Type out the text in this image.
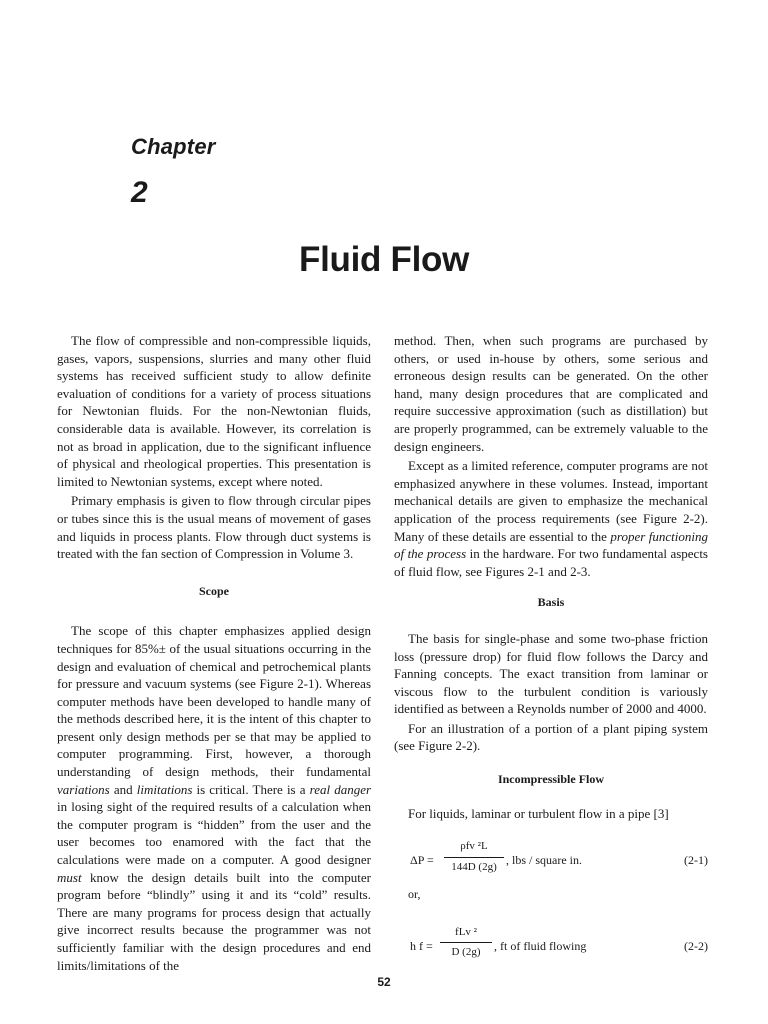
Chapter
2
Fluid Flow

The flow of compressible and non-compressible liquids, gases, vapors, suspensions, slurries and many other fluid systems has received sufficient study to allow definite evaluation of conditions for a variety of process situations for Newtonian fluids. For the non-Newtonian fluids, considerable data is available. However, its correlation is not as broad in application, due to the significant influence of physical and rheological properties. This presentation is limited to Newtonian systems, except where noted.

Primary emphasis is given to flow through circular pipes or tubes since this is the usual means of movement of gases and liquids in process plants. Flow through duct systems is treated with the fan section of Compression in Volume 3.

Scope

The scope of this chapter emphasizes applied design techniques for 85%± of the usual situations occurring in the design and evaluation of chemical and petrochemical plants for pressure and vacuum systems (see Figure 2-1). Whereas computer methods have been developed to handle many of the methods described here, it is the intent of this chapter to present only design methods per se that may be applied to computer programming. First, however, a thorough understanding of design methods, their fundamental variations and limitations is critical. There is a real danger in losing sight of the required results of a calculation when the computer program is “hidden” from the user and the user becomes too enamored with the fact that the calculations were made on a computer. A good designer must know the design details built into the computer program before “blindly” using it and its “cold” results. There are many programs for process design that actually give incorrect results because the programmer was not sufficiently familiar with the design procedures and end limits/limitations of the

method. Then, when such programs are purchased by others, or used in-house by others, some serious and erroneous design results can be generated. On the other hand, many design procedures that are complicated and require successive approximation (such as distillation) but are properly programmed, can be extremely valuable to the design engineers.

Except as a limited reference, computer programs are not emphasized anywhere in these volumes. Instead, important mechanical details are given to emphasize the mechanical application of the process requirements (see Figure 2-2). Many of these details are essential to the proper functioning of the process in the hardware. For two fundamental aspects of fluid flow, see Figures 2-1 and 2-3.

Basis

The basis for single-phase and some two-phase friction loss (pressure drop) for fluid flow follows the Darcy and Fanning concepts. The exact transition from laminar or viscous flow to the turbulent condition is variously identified as between a Reynolds number of 2000 and 4000.

For an illustration of a portion of a plant piping system (see Figure 2-2).

Incompressible Flow

For liquids, laminar or turbulent flow in a pipe [3]

ΔP =
ρfv ²L
144D (2g) , lbs / square in.	(2-1)

or,

h f =
fLv ²
D (2g)	, ft of fluid flowing	(2-2)
52
